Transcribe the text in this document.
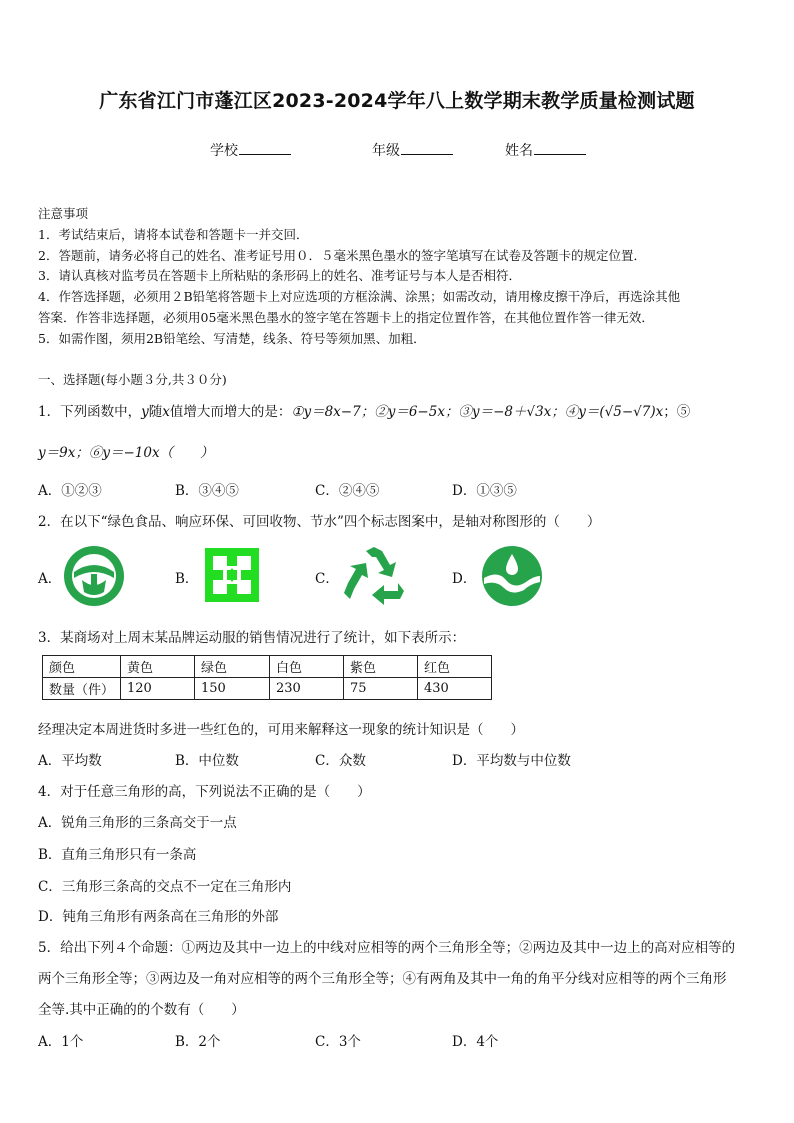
广东省江门市蓬江区2023-2024学年八上数学期末教学质量检测试题
学校	年级	姓名
注意事项
1．考试结束后，请将本试卷和答题卡一并交回．
2．答题前，请务必将自己的姓名、准考证号用０．５毫米黑色墨水的签字笔填写在试卷及答题卡的规定位置．
3．请认真核对监考员在答题卡上所粘贴的条形码上的姓名、准考证号与本人是否相符．
4．作答选择题，必须用２B铅笔将答题卡上对应选项的方框涂满、涂黑；如需改动，请用橡皮擦干净后，再选涂其他
答案．作答非选择题，必须用05毫米黑色墨水的签字笔在答题卡上的指定位置作答，在其他位置作答一律无效．
5．如需作图，须用2B铅笔绘、写清楚，线条、符号等须加黑、加粗．
一、选择题(每小题３分,共３０分)
1．下列函数中，y随x值增大而增大的是：①y＝8x−7；②y＝6−5x；③y＝−8＋√3x；④y＝(√5−√7)x；⑤
y＝9x；⑥y＝−10x（　　）
A．①②③	B．③④⑤	C．②④⑤	D．①③⑤
2．在以下“绿色食品、响应环保、可回收物、节水”四个标志图案中，是轴对称图形的（　　）
A．	B．	C．	D．
3．某商场对上周末某品牌运动服的销售情况进行了统计，如下表所示：
颜色	黄色	绿色	白色	紫色	红色
数量（件）	120	150	230	75	430
经理决定本周进货时多进一些红色的，可用来解释这一现象的统计知识是（　　）
A．平均数	B．中位数	C．众数	D．平均数与中位数
4．对于任意三角形的高，下列说法不正确的是（　　）
A．锐角三角形的三条高交于一点
B．直角三角形只有一条高
C．三角形三条高的交点不一定在三角形内
D．钝角三角形有两条高在三角形的外部
5．给出下列４个命题：①两边及其中一边上的中线对应相等的两个三角形全等；②两边及其中一边上的高对应相等的
两个三角形全等；③两边及一角对应相等的两个三角形全等；④有两角及其中一角的角平分线对应相等的两个三角形
全等.其中正确的的个数有（　　）
A．1个	B．2个	C．3个	D．4个
